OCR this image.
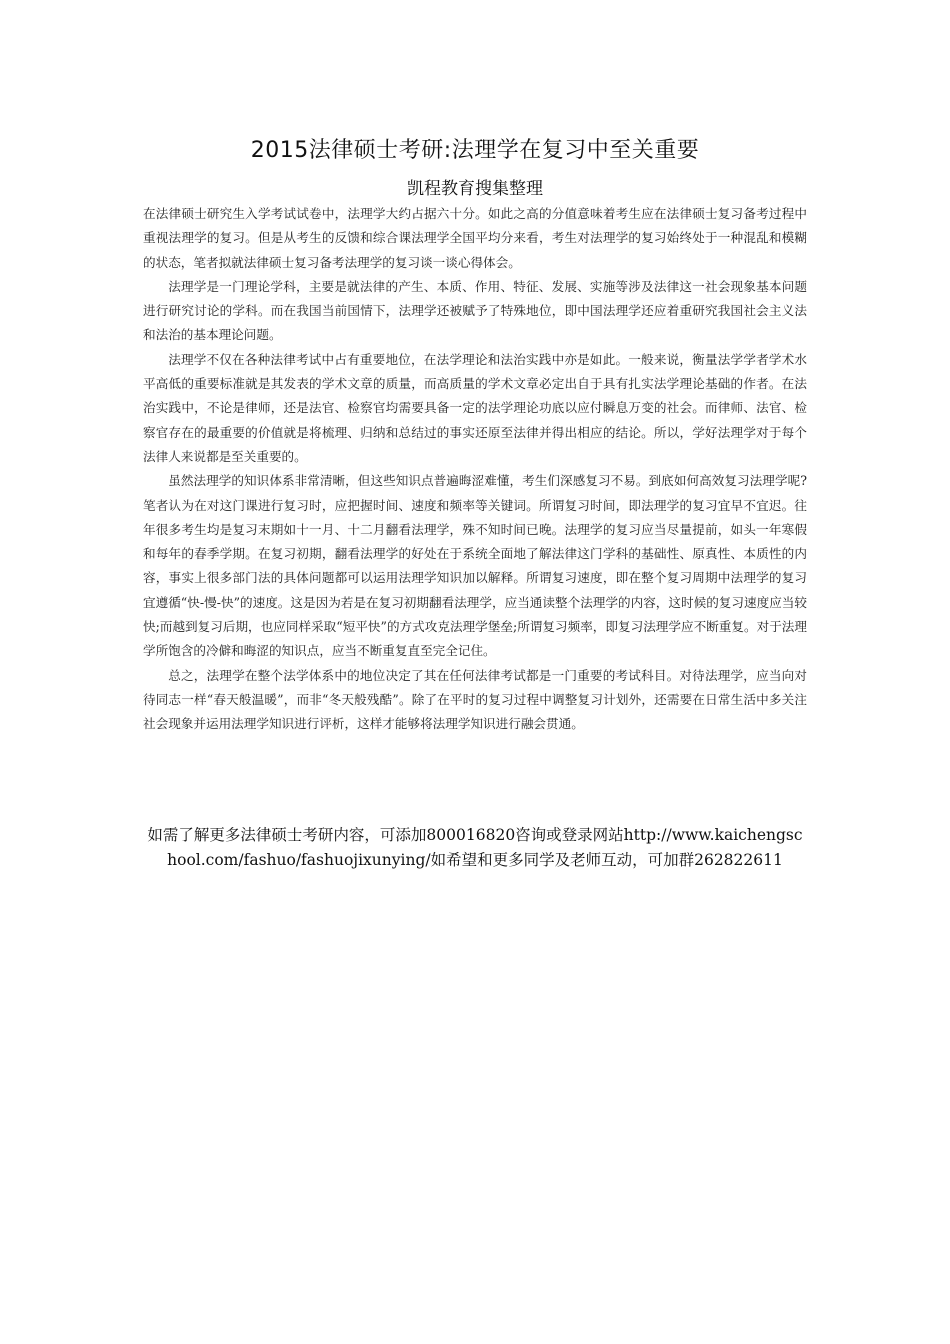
2015法律硕士考研:法理学在复习中至关重要
凯程教育搜集整理

在法律硕士研究生入学考试试卷中，法理学大约占据六十分。如此之高的分值意味着考生应在法律硕士复习备考过程中重视法理学的复习。但是从考生的反馈和综合课法理学全国平均分来看，考生对法理学的复习始终处于一种混乱和模糊的状态，笔者拟就法律硕士复习备考法理学的复习谈一谈心得体会。

法理学是一门理论学科，主要是就法律的产生、本质、作用、特征、发展、实施等涉及法律这一社会现象基本问题进行研究讨论的学科。而在我国当前国情下，法理学还被赋予了特殊地位，即中国法理学还应着重研究我国社会主义法和法治的基本理论问题。

法理学不仅在各种法律考试中占有重要地位，在法学理论和法治实践中亦是如此。一般来说，衡量法学学者学术水平高低的重要标准就是其发表的学术文章的质量，而高质量的学术文章必定出自于具有扎实法学理论基础的作者。在法治实践中，不论是律师，还是法官、检察官均需要具备一定的法学理论功底以应付瞬息万变的社会。而律师、法官、检察官存在的最重要的价值就是将梳理、归纳和总结过的事实还原至法律并得出相应的结论。所以，学好法理学对于每个法律人来说都是至关重要的。

虽然法理学的知识体系非常清晰，但这些知识点普遍晦涩难懂，考生们深感复习不易。到底如何高效复习法理学呢?笔者认为在对这门课进行复习时，应把握时间、速度和频率等关键词。所谓复习时间，即法理学的复习宜早不宜迟。往年很多考生均是复习末期如十一月、十二月翻看法理学，殊不知时间已晚。法理学的复习应当尽量提前，如头一年寒假和每年的春季学期。在复习初期，翻看法理学的好处在于系统全面地了解法律这门学科的基础性、原真性、本质性的内容，事实上很多部门法的具体问题都可以运用法理学知识加以解释。所谓复习速度，即在整个复习周期中法理学的复习宜遵循“快-慢-快”的速度。这是因为若是在复习初期翻看法理学，应当通读整个法理学的内容，这时候的复习速度应当较快;而越到复习后期，也应同样采取“短平快”的方式攻克法理学堡垒;所谓复习频率，即复习法理学应不断重复。对于法理学所饱含的冷僻和晦涩的知识点，应当不断重复直至完全记住。

总之，法理学在整个法学体系中的地位决定了其在任何法律考试都是一门重要的考试科目。对待法理学，应当向对待同志一样“春天般温暖”，而非“冬天般残酷”。除了在平时的复习过程中调整复习计划外，还需要在日常生活中多关注社会现象并运用法理学知识进行评析，这样才能够将法理学知识进行融会贯通。

如需了解更多法律硕士考研内容，可添加800016820咨询或登录网站http://www.kaichengschool.com/fashuo/fashuojixunying/如希望和更多同学及老师互动，可加群262822611
